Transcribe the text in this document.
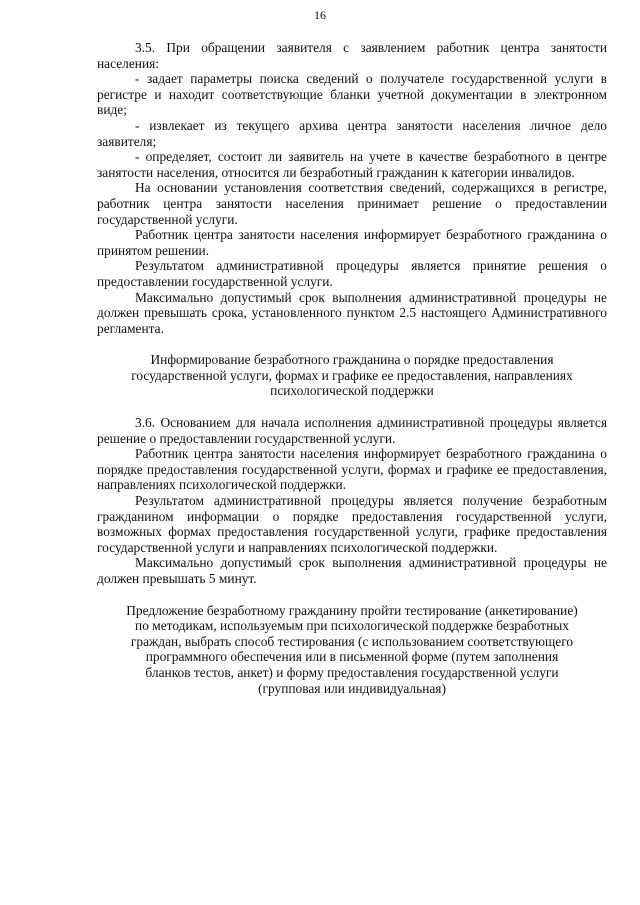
16

3.5. При обращении заявителя с заявлением работник центра занятости населения:

- задает параметры поиска сведений о получателе государственной услуги в регистре и находит соответствующие бланки учетной документации в электронном виде;

- извлекает из текущего архива центра занятости населения личное дело заявителя;

- определяет, состоит ли заявитель на учете в качестве безработного в центре занятости населения, относится ли безработный гражданин к категории инвалидов.

На основании установления соответствия сведений, содержащихся в регистре, работник центра занятости населения принимает решение о предоставлении государственной услуги.

Работник центра занятости населения информирует безработного гражданина о принятом решении.

Результатом административной процедуры является принятие решения о предоставлении государственной услуги.

Максимально допустимый срок выполнения административной процедуры не должен превышать срока, установленного пунктом 2.5 настоящего Административного регламента.

Информирование безработного гражданина о порядке предоставления
государственной услуги, формах и графике ее предоставления, направлениях
психологической поддержки

3.6. Основанием для начала исполнения административной процедуры является решение о предоставлении государственной услуги.

Работник центра занятости населения информирует безработного гражданина о порядке предоставления государственной услуги, формах и графике ее предоставления, направлениях психологической поддержки.

Результатом административной процедуры является получение безработным гражданином информации о порядке предоставления государственной услуги, возможных формах предоставления государственной услуги, графике предоставления государственной услуги и направлениях психологической поддержки.

Максимально допустимый срок выполнения административной процедуры не должен превышать 5 минут.

Предложение безработному гражданину пройти тестирование (анкетирование)
по методикам, используемым при психологической поддержке безработных
граждан, выбрать способ тестирования (с использованием соответствующего
программного обеспечения или в письменной форме (путем заполнения
бланков тестов, анкет) и форму предоставления государственной услуги
(групповая или индивидуальная)
